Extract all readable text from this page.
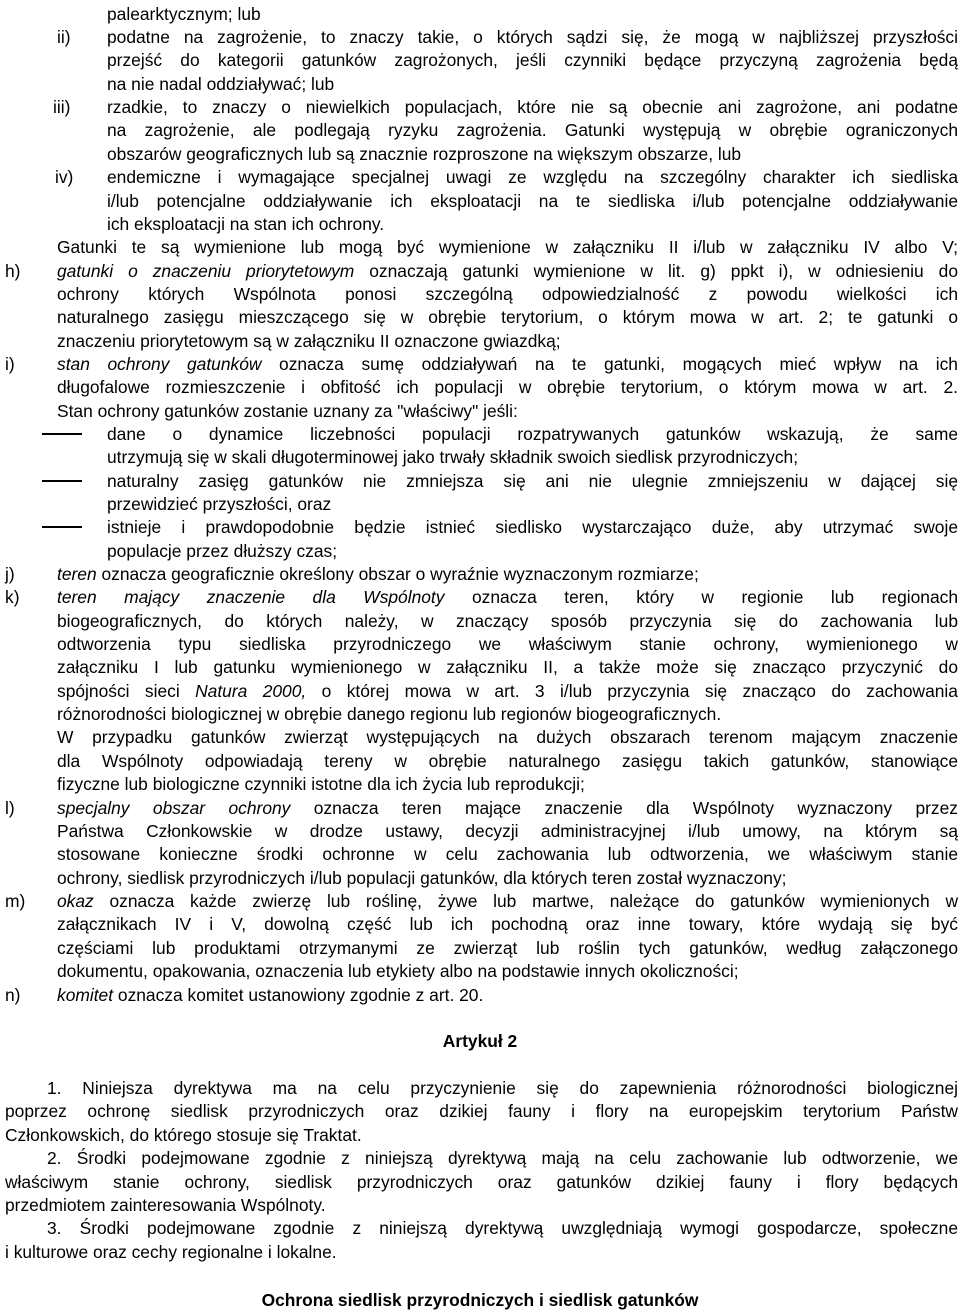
ii)
iii)
iv)
h)
i)
j)
k)
l)
m)
n)
palearktycznym; lub
podatne na zagrożenie, to znaczy takie, o których sądzi się, że mogą w najbliższej przyszłości
przejść do kategorii gatunków zagrożonych, jeśli czynniki będące przyczyną zagrożenia będą
na nie nadal oddziaływać; lub
rzadkie, to znaczy o niewielkich populacjach, które nie są obecnie ani zagrożone, ani podatne
na zagrożenie, ale podlegają ryzyku zagrożenia. Gatunki występują w obrębie ograniczonych
obszarów geograficznych lub są znacznie rozproszone na większym obszarze, lub
endemiczne i wymagające specjalnej uwagi ze względu na szczególny charakter ich siedliska
i/lub potencjalne oddziaływanie ich eksploatacji na te siedliska i/lub potencjalne oddziaływanie
ich eksploatacji na stan ich ochrony.
Gatunki te są wymienione lub mogą być wymienione w załączniku II i/lub w załączniku IV albo V;
gatunki o znaczeniu priorytetowym oznaczają gatunki wymienione w lit. g) ppkt i), w odniesieniu do
ochrony których Wspólnota ponosi szczególną odpowiedzialność z powodu wielkości ich
naturalnego zasięgu mieszczącego się w obrębie terytorium, o którym mowa w art. 2; te gatunki o
znaczeniu priorytetowym są w załączniku II oznaczone gwiazdką;
stan ochrony gatunków oznacza sumę oddziaływań na te gatunki, mogących mieć wpływ na ich
długofalowe rozmieszczenie i obfitość ich populacji w obrębie terytorium, o którym mowa w art. 2.
Stan ochrony gatunków zostanie uznany za "właściwy" jeśli:
dane o dynamice liczebności populacji rozpatrywanych gatunków wskazują, że same
utrzymują się w skali długoterminowej jako trwały składnik swoich siedlisk przyrodniczych;
naturalny zasięg gatunków nie zmniejsza się ani nie ulegnie zmniejszeniu w dającej się
przewidzieć przyszłości, oraz
istnieje i prawdopodobnie będzie istnieć siedlisko wystarczająco duże, aby utrzymać swoje
populacje przez dłuższy czas;
teren oznacza geograficznie określony obszar o wyraźnie wyznaczonym rozmiarze;
teren mający znaczenie dla Wspólnoty oznacza teren, który w regionie lub regionach
biogeograficznych, do których należy, w znaczący sposób przyczynia się do zachowania lub
odtworzenia typu siedliska przyrodniczego we właściwym stanie ochrony, wymienionego w
załączniku I lub gatunku wymienionego w załączniku II, a także może się znacząco przyczynić do
spójności sieci Natura 2000, o której mowa w art. 3 i/lub przyczynia się znacząco do zachowania
różnorodności biologicznej w obrębie danego regionu lub regionów biogeograficznych.
W przypadku gatunków zwierząt występujących na dużych obszarach terenom mającym znaczenie
dla Wspólnoty odpowiadają tereny w obrębie naturalnego zasięgu takich gatunków, stanowiące
fizyczne lub biologiczne czynniki istotne dla ich życia lub reprodukcji;
specjalny obszar ochrony oznacza teren mające znaczenie dla Wspólnoty wyznaczony przez
Państwa Członkowskie w drodze ustawy, decyzji administracyjnej i/lub umowy, na którym są
stosowane konieczne środki ochronne w celu zachowania lub odtworzenia, we właściwym stanie
ochrony, siedlisk przyrodniczych i/lub populacji gatunków, dla których teren został wyznaczony;
okaz oznacza każde zwierzę lub roślinę, żywe lub martwe, należące do gatunków wymienionych w
załącznikach IV i V, dowolną część lub ich pochodną oraz inne towary, które wydają się być
częściami lub produktami otrzymanymi ze zwierząt lub roślin tych gatunków, według załączonego
dokumentu, opakowania, oznaczenia lub etykiety albo na podstawie innych okoliczności;
komitet oznacza komitet ustanowiony zgodnie z art. 20.
Artykuł 2
1. Niniejsza dyrektywa ma na celu przyczynienie się do zapewnienia różnorodności biologicznej
poprzez ochronę siedlisk przyrodniczych oraz dzikiej fauny i flory na europejskim terytorium Państw
Członkowskich, do którego stosuje się Traktat.
2. Środki podejmowane zgodnie z niniejszą dyrektywą mają na celu zachowanie lub odtworzenie, we
właściwym stanie ochrony, siedlisk przyrodniczych oraz gatunków dzikiej fauny i flory będących
przedmiotem zainteresowania Wspólnoty.
3. Środki podejmowane zgodnie z niniejszą dyrektywą uwzględniają wymogi gospodarcze, społeczne
i kulturowe oraz cechy regionalne i lokalne.
Ochrona siedlisk przyrodniczych i siedlisk gatunków
